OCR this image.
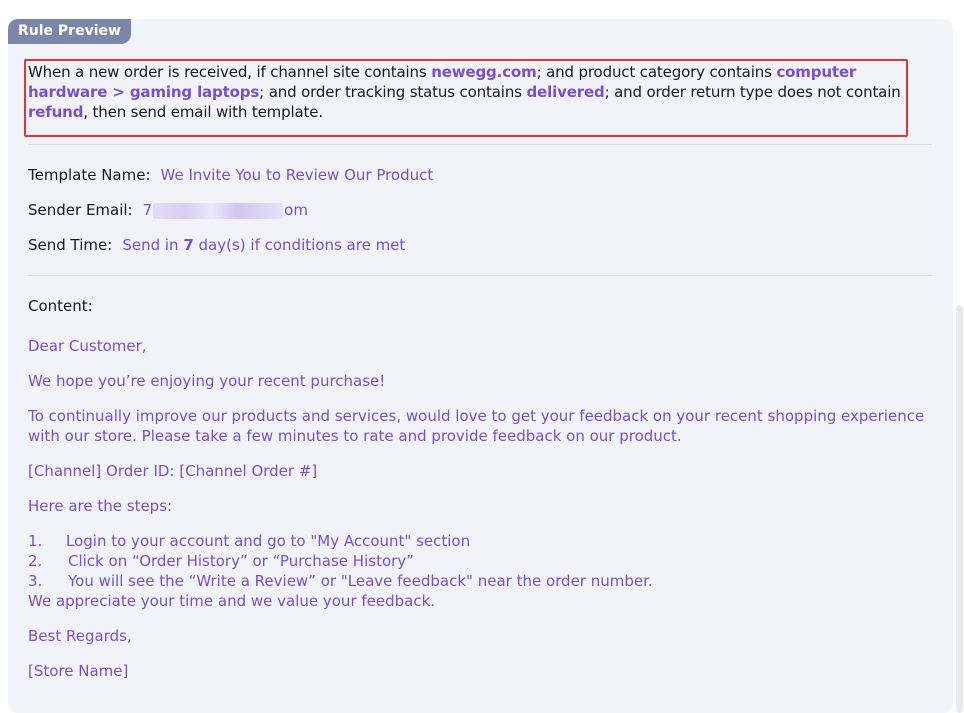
Rule Preview
When a new order is received, if channel site contains newegg.com; and product category contains computer hardware > gaming laptops; and order tracking status contains delivered; and order return type does not contain refund, then send email with template.
Template Name: We Invite You to Review Our Product
Sender Email: 7	om
Send Time: Send in 7 day(s) if conditions are met
Content:
Dear Customer,
We hope you’re enjoying your recent purchase!
To continually improve our products and services, would love to get your feedback on your recent shopping experience
with our store. Please take a few minutes to rate and provide feedback on our product.
[Channel] Order ID: [Channel Order #]
Here are the steps:
1. Login to your account and go to "My Account" section
2. Click on “Order History” or “Purchase History”
3. You will see the “Write a Review” or "Leave feedback" near the order number.
We appreciate your time and we value your feedback.
Best Regards,
[Store Name]
